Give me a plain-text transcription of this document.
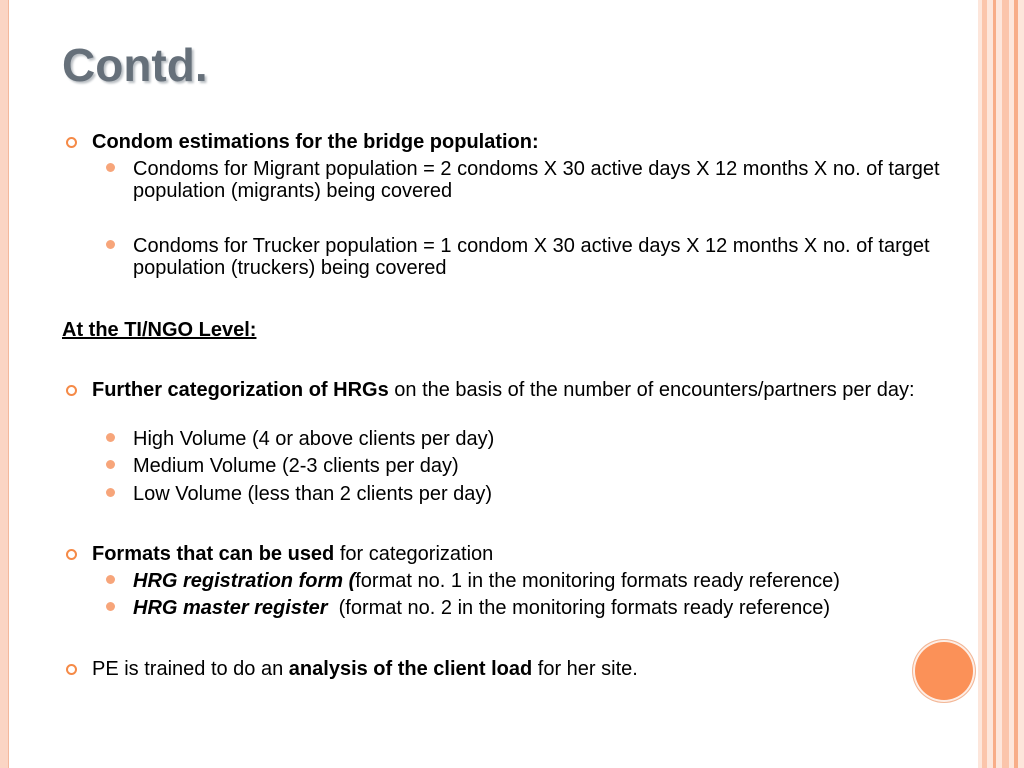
Contd.
Condom estimations for the bridge population:
Condoms for Migrant population = 2 condoms X 30 active days X 12 months X no. of target population (migrants) being covered
Condoms for Trucker population = 1 condom X 30 active days X 12 months X no. of target population (truckers) being covered
At the TI/NGO Level:
Further categorization of HRGs on the basis of the number of encounters/partners per day:
High Volume (4 or above clients per day)
Medium Volume (2-3 clients per day)
Low Volume (less than 2 clients per day)
Formats that can be used for categorization
HRG registration form (format no. 1 in the monitoring formats ready reference)
HRG master register  (format no. 2 in the monitoring formats ready reference)
PE is trained to do an analysis of the client load for her site.
